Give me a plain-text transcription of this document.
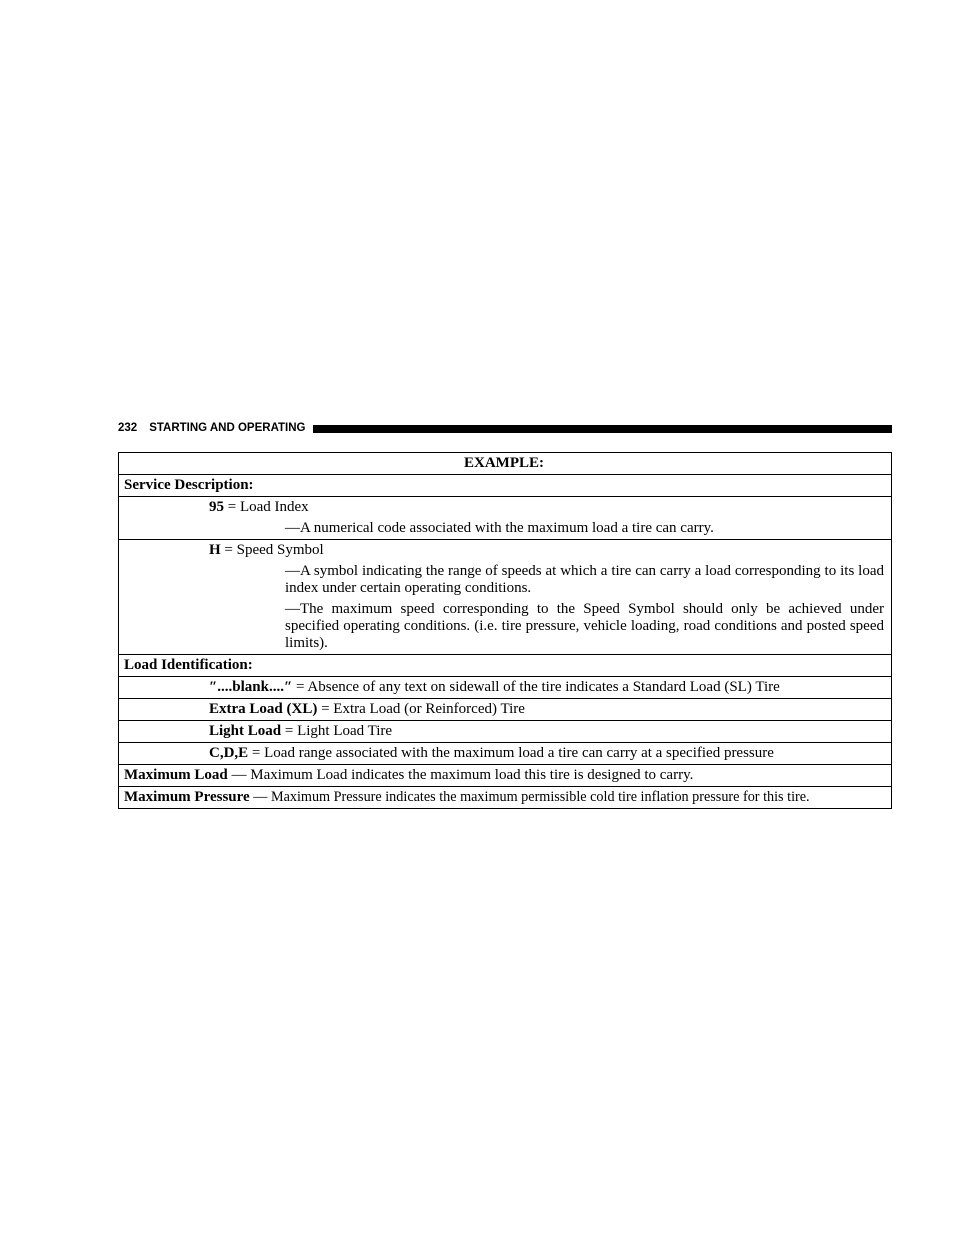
232 STARTING AND OPERATING
EXAMPLE:
Service Description:

95 = Load Index
—A numerical code associated with the maximum load a tire can carry.

H = Speed Symbol
—A symbol indicating the range of speeds at which a tire can carry a load corresponding to its load index under certain operating conditions.
—The maximum speed corresponding to the Speed Symbol should only be achieved under specified operating conditions. (i.e. tire pressure, vehicle loading, road conditions and posted speed limits).

Load Identification:

″....blank....″ = Absence of any text on sidewall of the tire indicates a Standard Load (SL) Tire

Extra Load (XL) = Extra Load (or Reinforced) Tire

Light Load = Light Load Tire

C,D,E = Load range associated with the maximum load a tire can carry at a specified pressure

Maximum Load — Maximum Load indicates the maximum load this tire is designed to carry.
Maximum Pressure — Maximum Pressure indicates the maximum permissible cold tire inflation pressure for this tire.
